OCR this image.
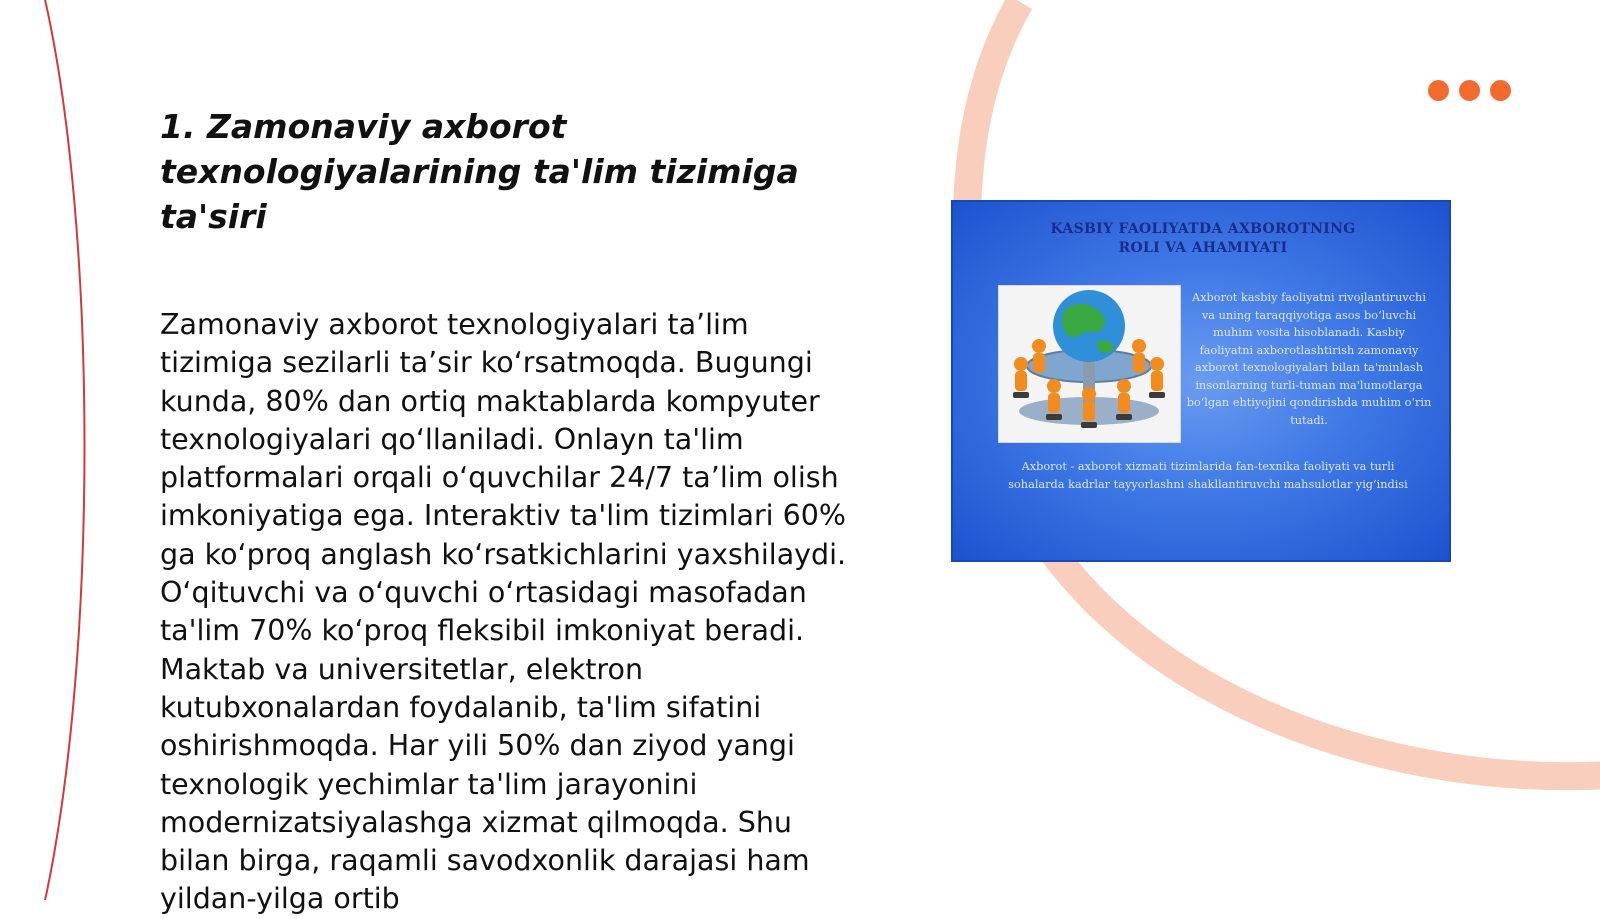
1. Zamonaviy axborot texnologiyalarining ta'lim tizimiga ta'siri

Zamonaviy axborot texnologiyalari taʼlim tizimiga sezilarli taʼsir koʻrsatmoqda. Bugungi kunda, 80% dan ortiq maktablarda kompyuter texnologiyalari qoʻllaniladi. Onlayn ta'lim platformalari orqali oʻquvchilar 24/7 taʼlim olish imkoniyatiga ega. Interaktiv ta'lim tizimlari 60% ga koʻproq anglash koʻrsatkichlarini yaxshilaydi. Oʻqituvchi va oʻquvchi oʻrtasidagi masofadan ta'lim 70% koʻproq fleksibil imkoniyat beradi. Maktab va universitetlar, elektron kutubxonalardan foydalanib, ta'lim sifatini oshirishmoqda. Har yili 50% dan ziyod yangi texnologik yechimlar ta'lim jarayonini modernizatsiyalashga xizmat qilmoqda. Shu bilan birga, raqamli savodxonlik darajasi ham yildan-yilga ortib

KASBIY FAOLIYATDA AXBOROTNING ROLI VA AHAMIYATI

Axborot kasbiy faoliyatni rivojlantiruvchi va uning taraqqiyotiga asos boʻluvchi muhim vosita hisoblanadi. Kasbiy faoliyatni axborotlashtirish zamonaviy axborot texnologiyalari bilan ta'minlash insonlarning turli-tuman ma'lumotlarga boʻlgan ehtiyojini qondirishda muhim oʻrin tutadi.

Axborot - axborot xizmati tizimlarida fan-texnika faoliyati va turli sohalarda kadrlar tayyorlashni shakllantiruvchi mahsulotlar yigʻindisi
